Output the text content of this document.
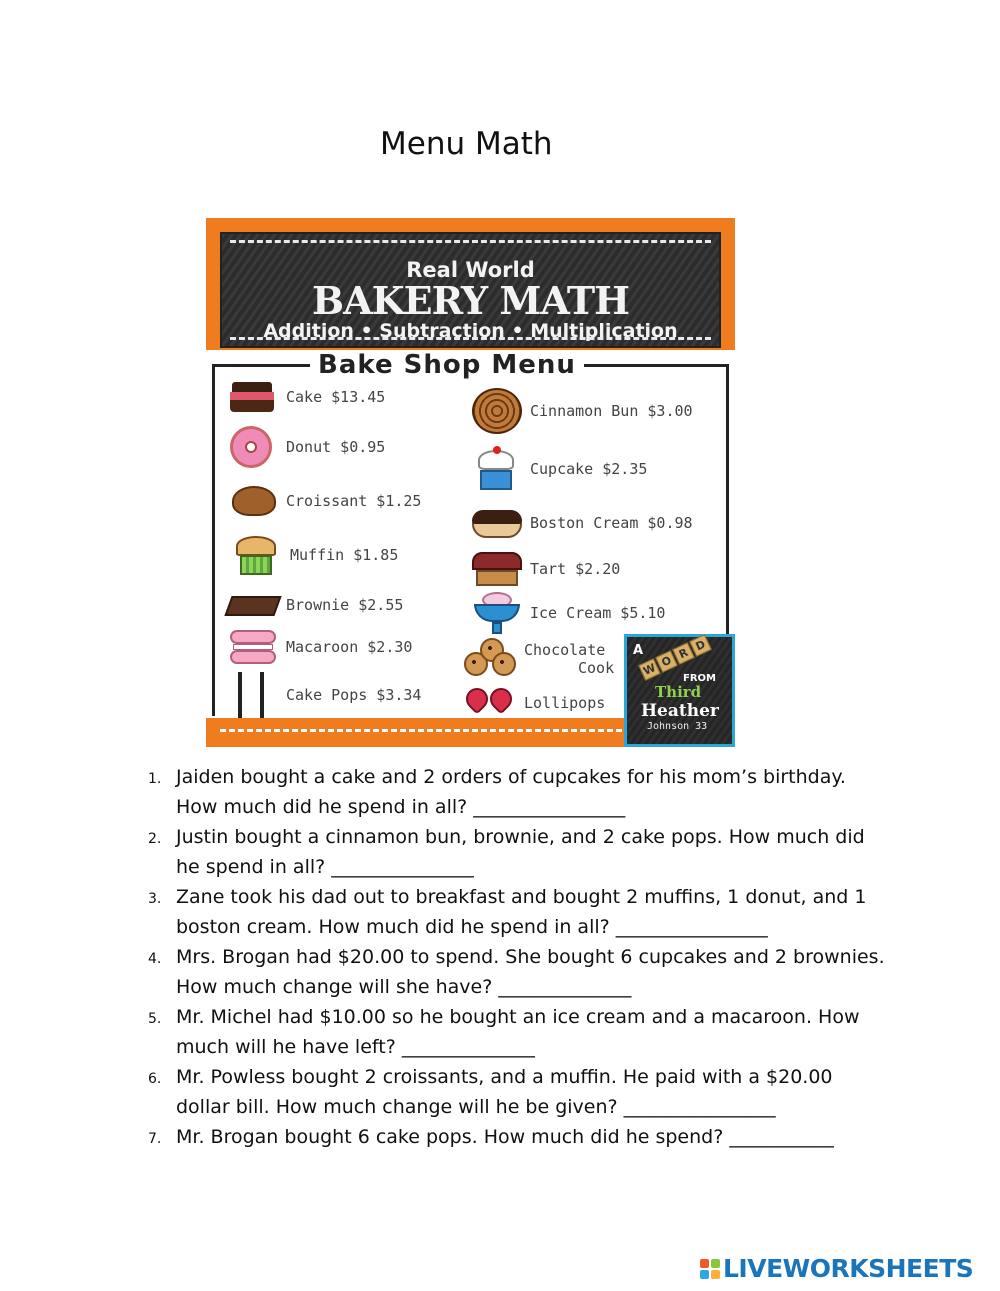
Menu Math
Real World
BAKERY MATH
Addition • Subtraction • Multiplication
Bake Shop Menu
Cake $13.45
Donut $0.95
Croissant $1.25
Muffin $1.85
Brownie $2.55
Macaroon $2.30
Cake Pops $3.34
Cinnamon Bun $3.00
Cupcake $2.35
Boston Cream $0.98
Tart $2.20
Ice Cream $5.10
Chocolate
Cook
Lollipops
A
W O
R
D
FROM
Third
Heather
Johnson 33
1. Jaiden bought a cake and 2 orders of cupcakes for his mom’s birthday. How much did he spend in all? ________________
2. Justin bought a cinnamon bun, brownie, and 2 cake pops. How much did he spend in all? _______________
3. Zane took his dad out to breakfast and bought 2 muffins, 1 donut, and 1 boston cream. How much did he spend in all? ________________
4. Mrs. Brogan had $20.00 to spend. She bought 6 cupcakes and 2 brownies. How much change will she have? ______________
5. Mr. Michel had $10.00 so he bought an ice cream and a macaroon. How much will he have left? ______________
6. Mr. Powless bought 2 croissants, and a muffin. He paid with a $20.00 dollar bill. How much change will he be given? ________________
7. Mr. Brogan bought 6 cake pops. How much did he spend? ___________
LIVEWORKSHEETS
